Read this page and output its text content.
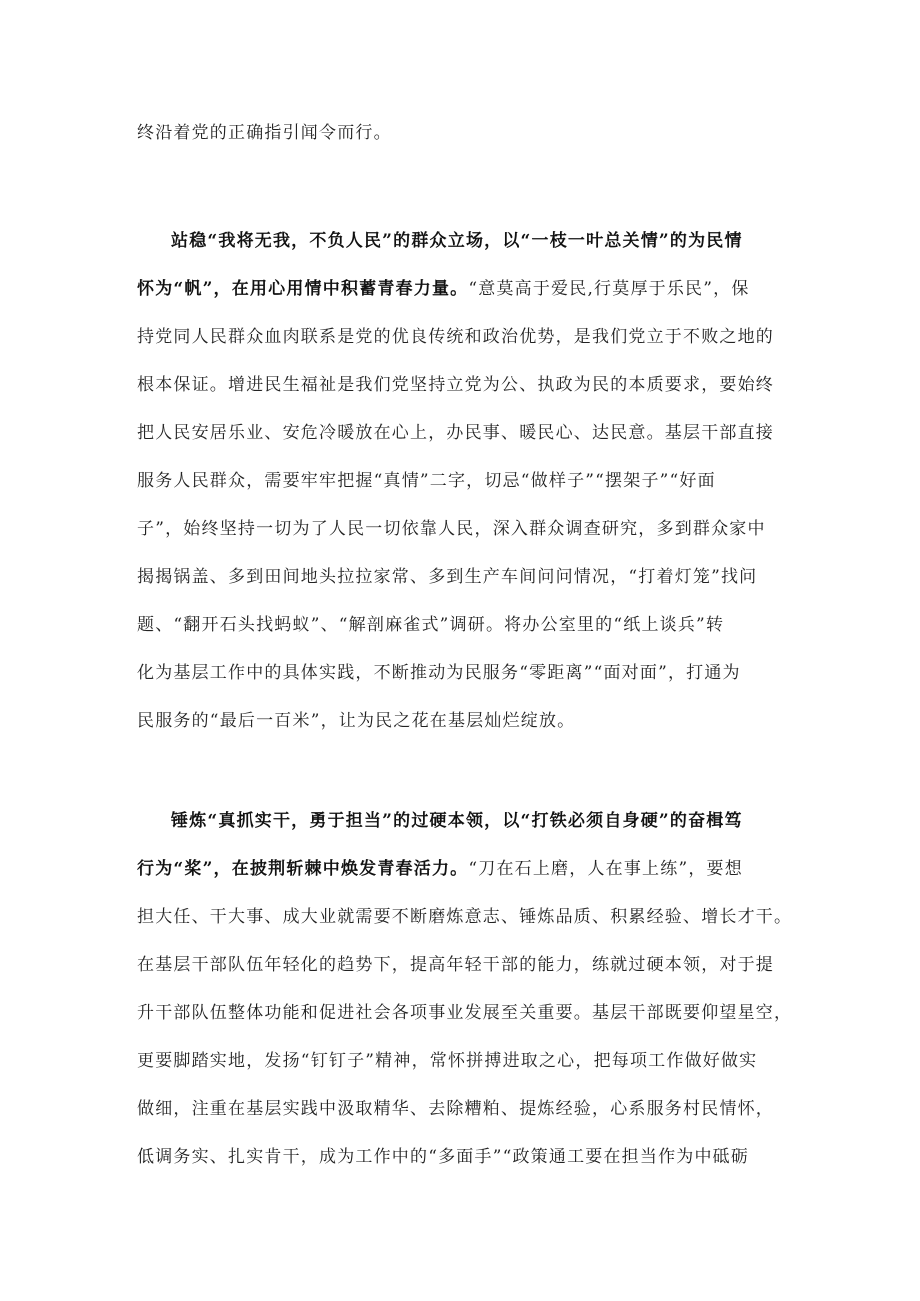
终沿着党的正确指引闻令而行。
站稳“我将无我，不负人民”的群众立场，以“一枝一叶总关情”的为民情
怀为“帆”，在用心用情中积蓄青春力量。“意莫高于爱民,行莫厚于乐民”，保
持党同人民群众血肉联系是党的优良传统和政治优势，是我们党立于不败之地的
根本保证。增进民生福祉是我们党坚持立党为公、执政为民的本质要求，要始终
把人民安居乐业、安危冷暖放在心上，办民事、暖民心、达民意。基层干部直接
服务人民群众，需要牢牢把握“真情”二字，切忌“做样子”“摆架子”“好面
子”，始终坚持一切为了人民一切依靠人民，深入群众调查研究，多到群众家中
揭揭锅盖、多到田间地头拉拉家常、多到生产车间问问情况，“打着灯笼”找问
题、“翻开石头找蚂蚁”、“解剖麻雀式”调研。将办公室里的“纸上谈兵”转
化为基层工作中的具体实践，不断推动为民服务“零距离”“面对面”，打通为
民服务的“最后一百米”，让为民之花在基层灿烂绽放。
锤炼“真抓实干，勇于担当”的过硬本领，以“打铁必须自身硬”的奋楫笃
行为“桨”，在披荆斩棘中焕发青春活力。“刀在石上磨，人在事上练”，要想
担大任、干大事、成大业就需要不断磨炼意志、锤炼品质、积累经验、增长才干。
在基层干部队伍年轻化的趋势下，提高年轻干部的能力，练就过硬本领，对于提
升干部队伍整体功能和促进社会各项事业发展至关重要。基层干部既要仰望星空，
更要脚踏实地，发扬“钉钉子”精神，常怀拼搏进取之心，把每项工作做好做实
做细，注重在基层实践中汲取精华、去除糟粕、提炼经验，心系服务村民情怀，
低调务实、扎实肯干，成为工作中的“多面手”“政策通工要在担当作为中砥砺
